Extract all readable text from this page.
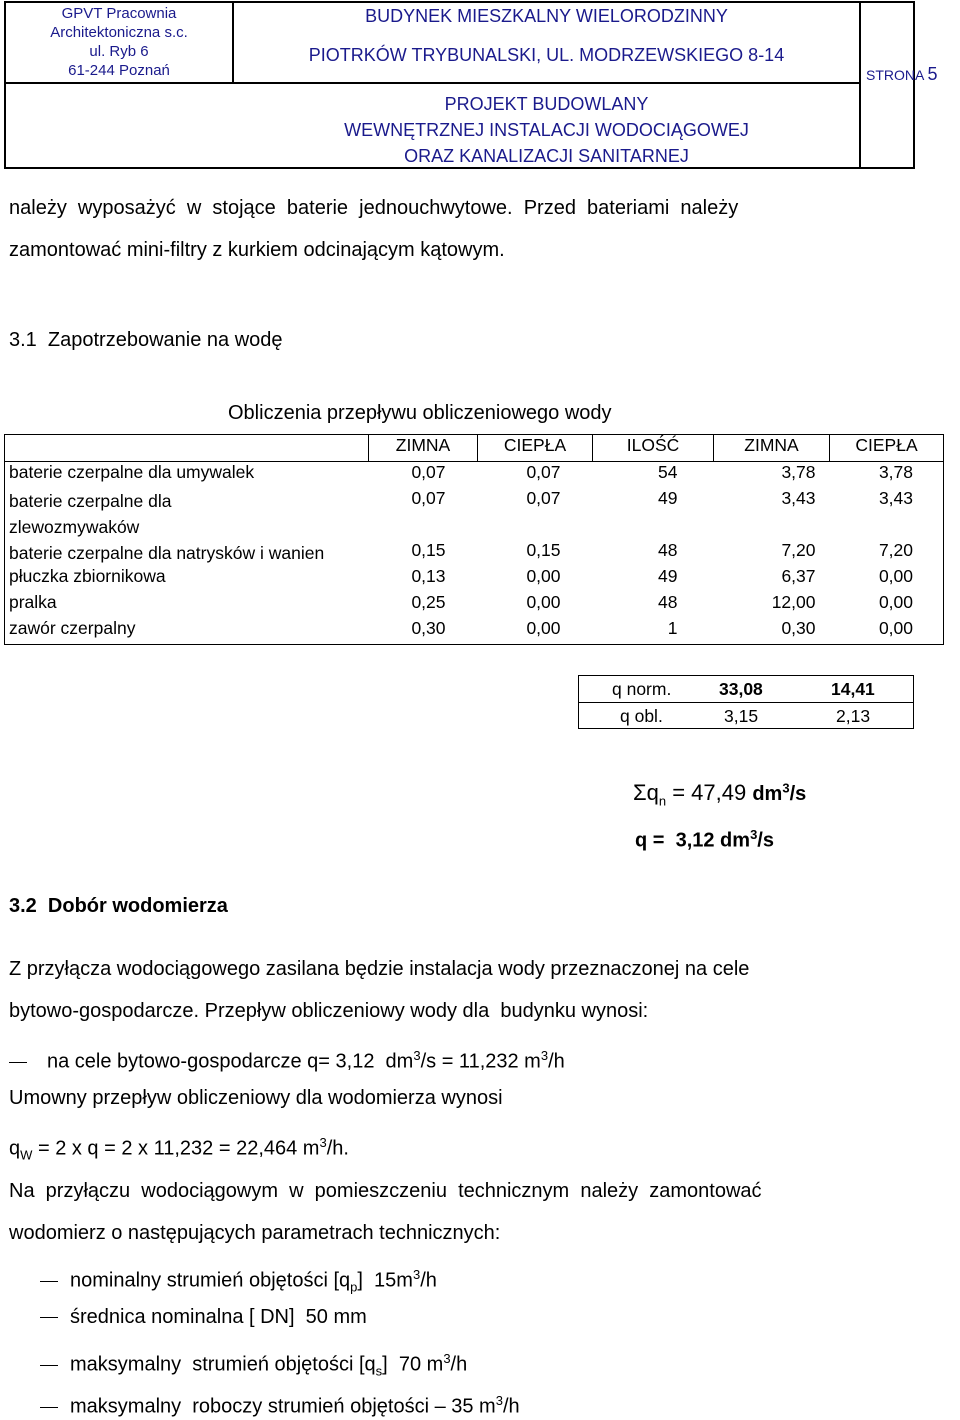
GPVT Pracownia
Architektoniczna s.c.
ul. Ryb 6
61-244 Poznań
BUDYNEK MIESZKALNY WIELORODZINNY
PIOTRKÓW TRYBUNALSKI, UL. MODRZEWSKIEGO 8-14
STRONA 5
PROJEKT BUDOWLANY
WEWNĘTRZNEJ INSTALACJI WODOCIĄGOWEJ
ORAZ KANALIZACJI SANITARNEJ
należy  wyposażyć  w  stojące  baterie  jednouchwytowe.  Przed  bateriami  należy
zamontować mini-filtry z kurkiem odcinającym kątowym.
3.1  Zapotrzebowanie na wodę
Obliczenia przepływu obliczeniowego wody
	ZIMNA	CIEPŁA	ILOŚĆ	ZIMNA	CIEPŁA
baterie czerpalne dla umywalek	0,07	0,07	54	3,78	3,78

baterie czerpalne dla zlewozmywaków	0,07	0,07	49	3,43	3,43

baterie czerpalne dla natrysków i wanien	0,15	0,15	48	7,20	7,20
płuczka zbiornikowa	0,13	0,00	49	6,37	0,00
pralka	0,25	0,00	48	12,00	0,00
zawór czerpalny	0,30	0,00	1	0,30	0,00
q norm.	33,08	14,41
q obl.	3,15	2,13
$\Sigma q_n = 47,49$ $dm^3/s$
q =  3,12 $dm^3/s$
3.2  Dobór wodomierza
Z przyłącza wodociągowego zasilana będzie instalacja wody przeznaczonej na cele
bytowo-gospodarcze. Przepływ obliczeniowy wody dla  budynku wynosi:
na cele bytowo-gospodarcze q= 3,12  $dm^3/s = 11,232$ $m^3/h$
Umowny przepływ obliczeniowy dla wodomierza wynosi
$q_W = 2$ x q = 2 x 11,232 = 22,464 $m^3/h$.
Na  przyłączu  wodociągowym  w  pomieszczeniu  technicznym  należy  zamontować
wodomierz o następujących parametrach technicznych:
nominalny strumień objętości $[q_p]$  $15m^3/h$
średnica nominalna [ DN]  50 mm
maksymalny  strumień objętości $[q_s]$  70 $m^3/h$
maksymalny  roboczy strumień objętości – 35 $m^3/h$
